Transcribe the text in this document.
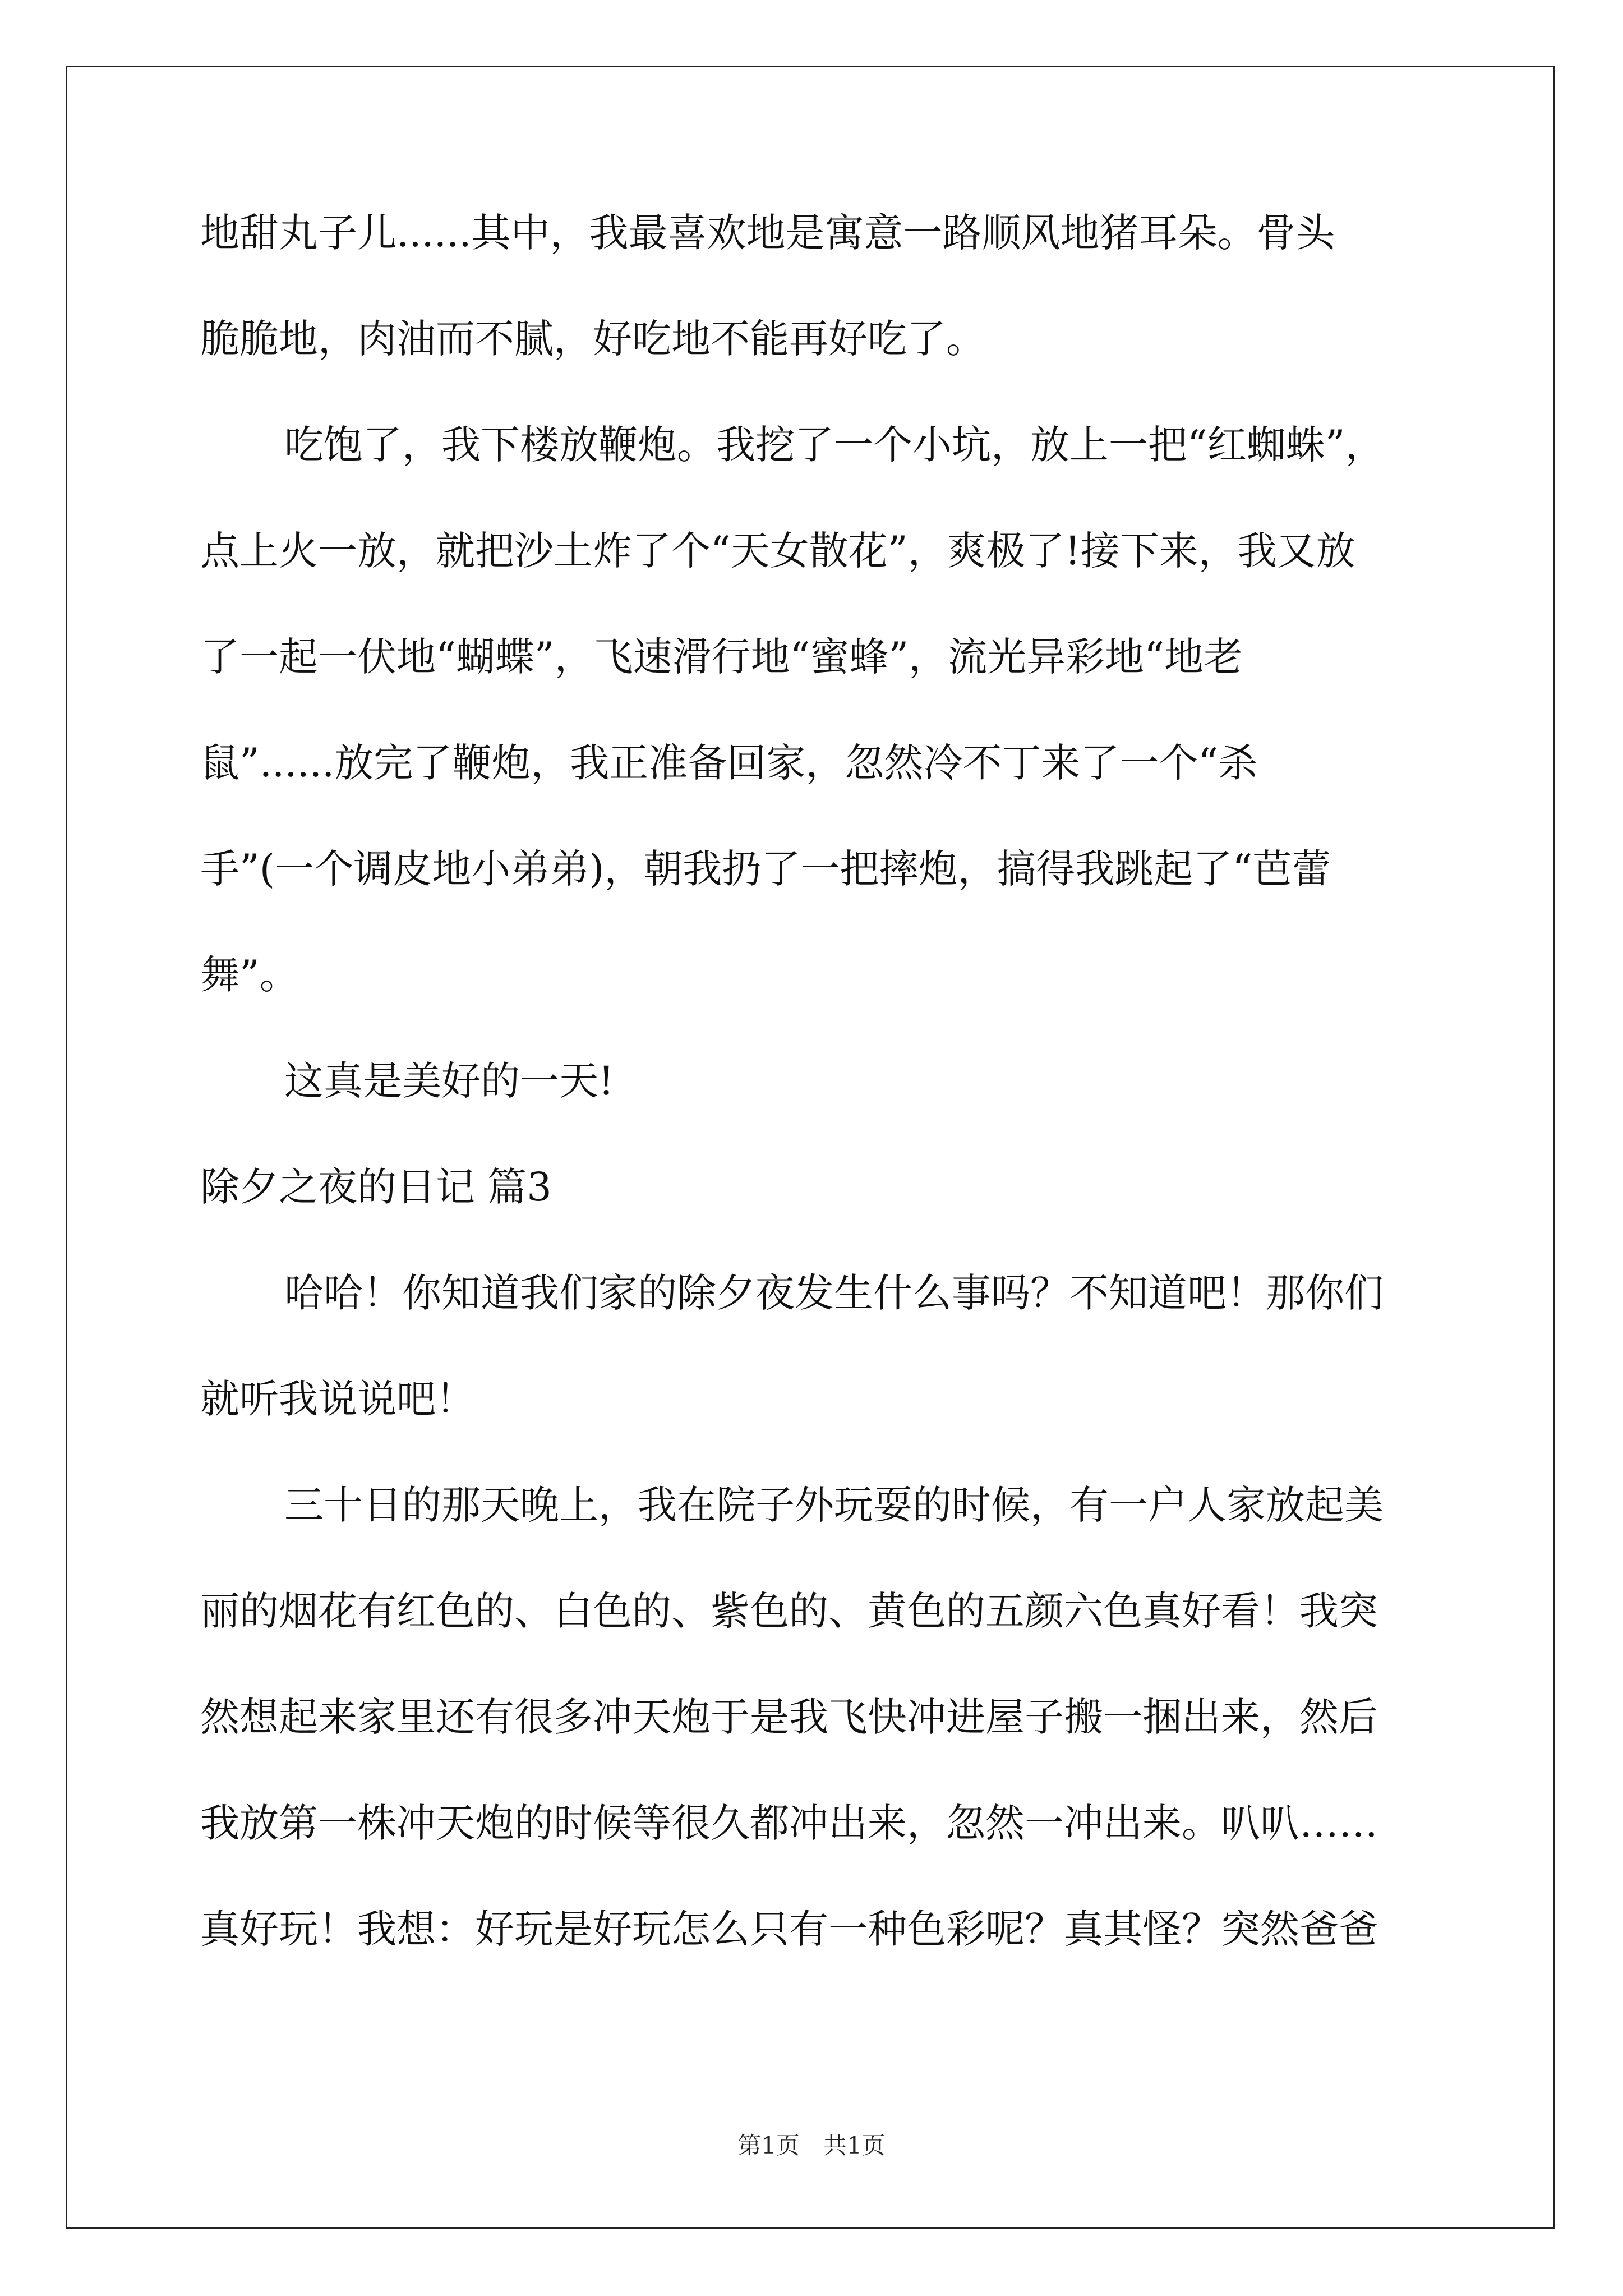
地甜丸子儿......其中，我最喜欢地是寓意一路顺风地猪耳朵。骨头
脆脆地，肉油而不腻，好吃地不能再好吃了。
吃饱了，我下楼放鞭炮。我挖了一个小坑，放上一把“红蜘蛛”，
点上火一放，就把沙土炸了个“天女散花”，爽极了!接下来，我又放
了一起一伏地“蝴蝶”，飞速滑行地“蜜蜂”，流光异彩地“地老
鼠”......放完了鞭炮，我正准备回家，忽然冷不丁来了一个“杀
手”(一个调皮地小弟弟)，朝我扔了一把摔炮，搞得我跳起了“芭蕾
舞”。
这真是美好的一天!
除夕之夜的日记 篇3
哈哈！你知道我们家的除夕夜发生什么事吗？不知道吧！那你们
就听我说说吧！
三十日的那天晚上，我在院子外玩耍的时候，有一户人家放起美
丽的烟花有红色的、白色的、紫色的、黄色的五颜六色真好看！我突
然想起来家里还有很多冲天炮于是我飞快冲进屋子搬一捆出来，然后
我放第一株冲天炮的时候等很久都冲出来，忽然一冲出来。叭叭……
真好玩！我想：好玩是好玩怎么只有一种色彩呢？真其怪？突然爸爸
第1页　共1页
